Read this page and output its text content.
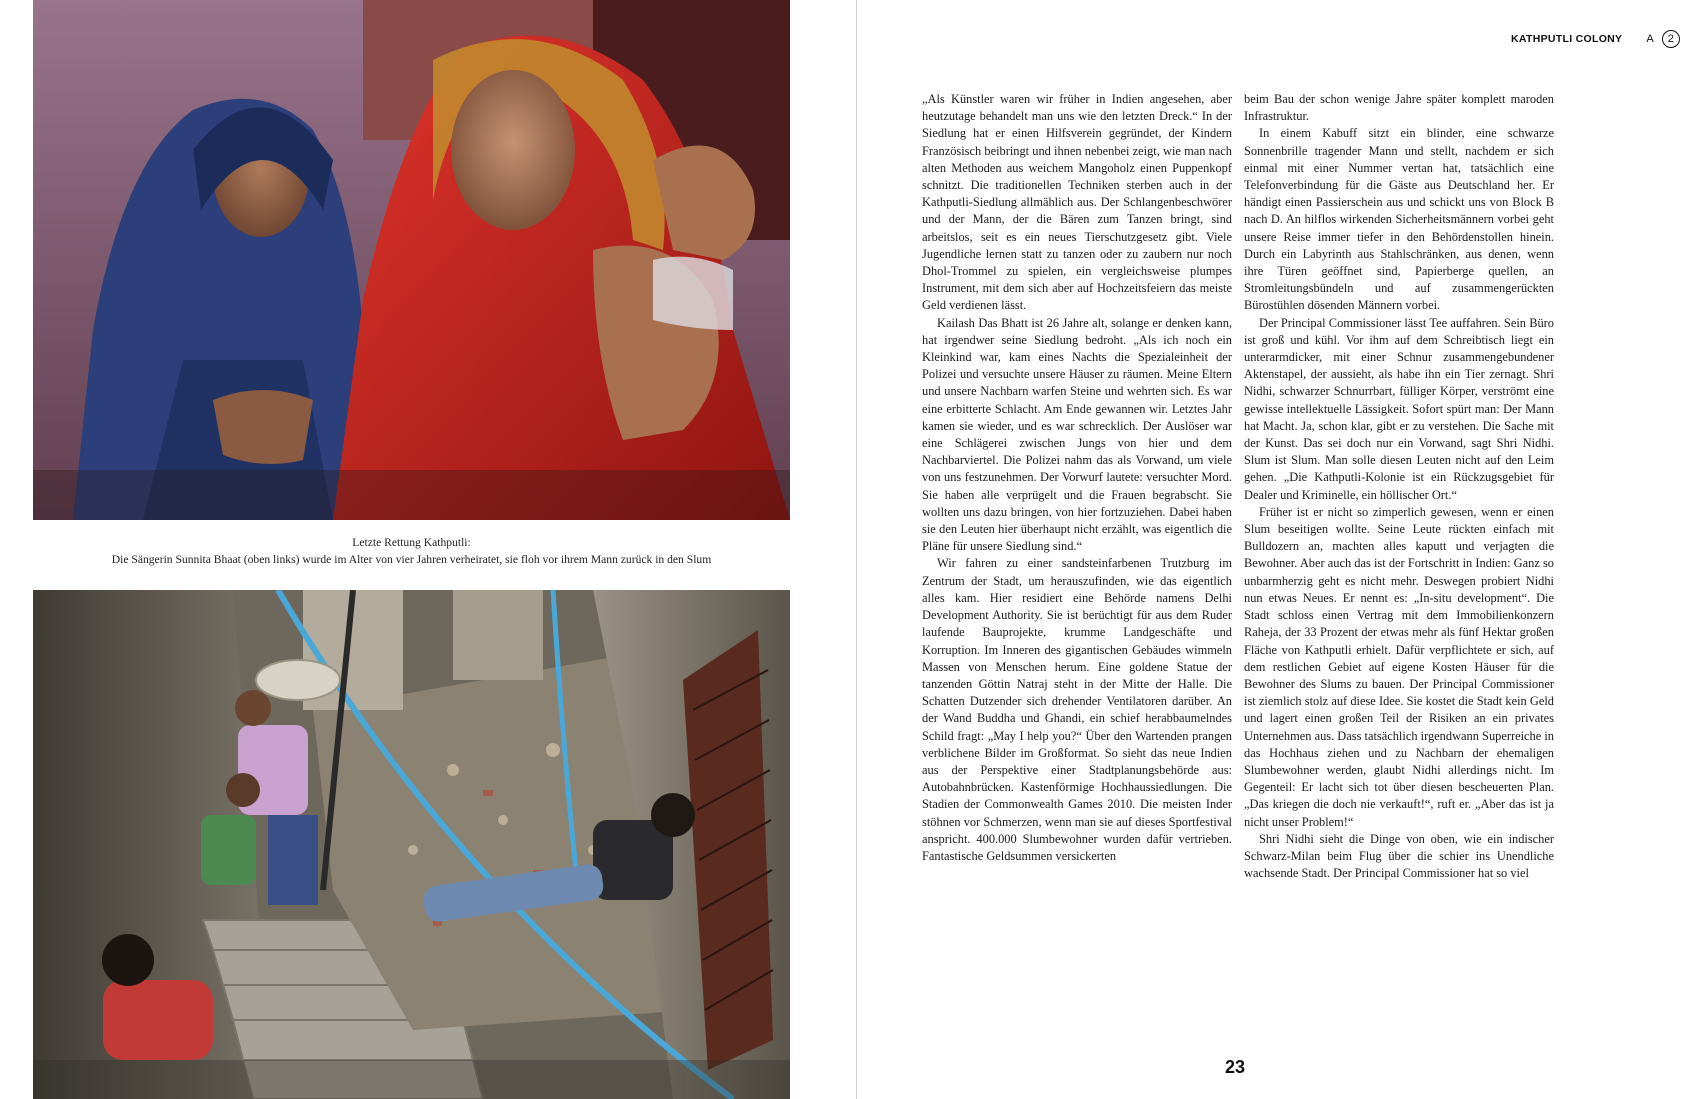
Letzte Rettung Kathputli:
Die Sängerin Sunnita Bhaat (oben links) wurde im Alter von vier Jahren verheiratet, sie floh vor ihrem Mann zurück in den Slum
KATHPUTLI COLONY A 2

„Als Künstler waren wir früher in Indien angesehen, aber heutzutage behandelt man uns wie den letzten Dreck.“ In der Siedlung hat er einen Hilfsverein gegründet, der Kindern Französisch beibringt und ihnen nebenbei zeigt, wie man nach alten Methoden aus weichem Mangoholz einen Puppenkopf schnitzt. Die traditionellen Techniken sterben auch in der Kathputli-Siedlung allmählich aus. Der Schlangenbeschwörer und der Mann, der die Bären zum Tanzen bringt, sind arbeitslos, seit es ein neues Tierschutzgesetz gibt. Viele Jugendliche lernen statt zu tanzen oder zu zaubern nur noch Dhol-Trommel zu spielen, ein vergleichsweise plumpes Instrument, mit dem sich aber auf Hochzeitsfeiern das meiste Geld verdienen lässt.

Kailash Das Bhatt ist 26 Jahre alt, solange er denken kann, hat irgendwer seine Siedlung bedroht. „Als ich noch ein Kleinkind war, kam eines Nachts die Spezialeinheit der Polizei und versuchte unsere Häuser zu räumen. Meine Eltern und unsere Nachbarn warfen Steine und wehrten sich. Es war eine erbitterte Schlacht. Am Ende gewannen wir. Letztes Jahr kamen sie wieder, und es war schrecklich. Der Auslöser war eine Schlägerei zwischen Jungs von hier und dem Nachbarviertel. Die Polizei nahm das als Vorwand, um viele von uns festzunehmen. Der Vorwurf lautete: versuchter Mord. Sie haben alle verprügelt und die Frauen begrabscht. Sie wollten uns dazu bringen, von hier fortzuziehen. Dabei haben sie den Leuten hier überhaupt nicht erzählt, was eigentlich die Pläne für unsere Siedlung sind.“

Wir fahren zu einer sandsteinfarbenen Trutzburg im Zentrum der Stadt, um herauszufinden, wie das eigentlich alles kam. Hier residiert eine Behörde namens Delhi Development Authority. Sie ist berüchtigt für aus dem Ruder laufende Bauprojekte, krumme Landgeschäfte und Korruption. Im Inneren des gigantischen Gebäudes wimmeln Massen von Menschen herum. Eine goldene Statue der tanzenden Göttin Natraj steht in der Mitte der Halle. Die Schatten Dutzender sich drehender Ventilatoren darüber. An der Wand Buddha und Ghandi, ein schief herabbaumelndes Schild fragt: „May I help you?“ Über den Wartenden prangen verblichene Bilder im Großformat. So sieht das neue Indien aus der Perspektive einer Stadtplanungsbehörde aus: Autobahnbrücken. Kastenförmige Hochhaussiedlungen. Die Stadien der Commonwealth Games 2010. Die meisten Inder stöhnen vor Schmerzen, wenn man sie auf dieses Sportfestival anspricht. 400.000 Slumbewohner wurden dafür vertrieben. Fantastische Geldsummen versickerten

beim Bau der schon wenige Jahre später komplett maroden Infrastruktur.

In einem Kabuff sitzt ein blinder, eine schwarze Sonnenbrille tragender Mann und stellt, nachdem er sich einmal mit einer Nummer vertan hat, tatsächlich eine Telefonverbindung für die Gäste aus Deutschland her. Er händigt einen Passierschein aus und schickt uns von Block B nach D. An hilflos wirkenden Sicherheitsmännern vorbei geht unsere Reise immer tiefer in den Behördenstollen hinein. Durch ein Labyrinth aus Stahlschränken, aus denen, wenn ihre Türen geöffnet sind, Papierberge quellen, an Stromleitungsbündeln und auf zusammengerückten Bürostühlen dösenden Männern vorbei.

Der Principal Commissioner lässt Tee auffahren. Sein Büro ist groß und kühl. Vor ihm auf dem Schreibtisch liegt ein unterarmdicker, mit einer Schnur zusammengebundener Aktenstapel, der aussieht, als habe ihn ein Tier zernagt. Shri Nidhi, schwarzer Schnurrbart, fülliger Körper, verströmt eine gewisse intellektuelle Lässigkeit. Sofort spürt man: Der Mann hat Macht. Ja, schon klar, gibt er zu verstehen. Die Sache mit der Kunst. Das sei doch nur ein Vorwand, sagt Shri Nidhi. Slum ist Slum. Man solle diesen Leuten nicht auf den Leim gehen. „Die Kathputli-Kolonie ist ein Rückzugsgebiet für Dealer und Kriminelle, ein höllischer Ort.“

Früher ist er nicht so zimperlich gewesen, wenn er einen Slum beseitigen wollte. Seine Leute rückten einfach mit Bulldozern an, machten alles kaputt und verjagten die Bewohner. Aber auch das ist der Fortschritt in Indien: Ganz so unbarmherzig geht es nicht mehr. Deswegen probiert Nidhi nun etwas Neues. Er nennt es: „In-situ development“. Die Stadt schloss einen Vertrag mit dem Immobilienkonzern Raheja, der 33 Prozent der etwas mehr als fünf Hektar großen Fläche von Kathputli erhielt. Dafür verpflichtete er sich, auf dem restlichen Gebiet auf eigene Kosten Häuser für die Bewohner des Slums zu bauen. Der Principal Commissioner ist ziemlich stolz auf diese Idee. Sie kostet die Stadt kein Geld und lagert einen großen Teil der Risiken an ein privates Unternehmen aus. Dass tatsächlich irgendwann Superreiche in das Hochhaus ziehen und zu Nachbarn der ehemaligen Slumbewohner werden, glaubt Nidhi allerdings nicht. Im Gegenteil: Er lacht sich tot über diesen bescheuerten Plan. „Das kriegen die doch nie verkauft!“, ruft er. „Aber das ist ja nicht unser Problem!“

Shri Nidhi sieht die Dinge von oben, wie ein indischer Schwarz-Milan beim Flug über die schier ins Unendliche wachsende Stadt. Der Principal Commissioner hat so viel

23
